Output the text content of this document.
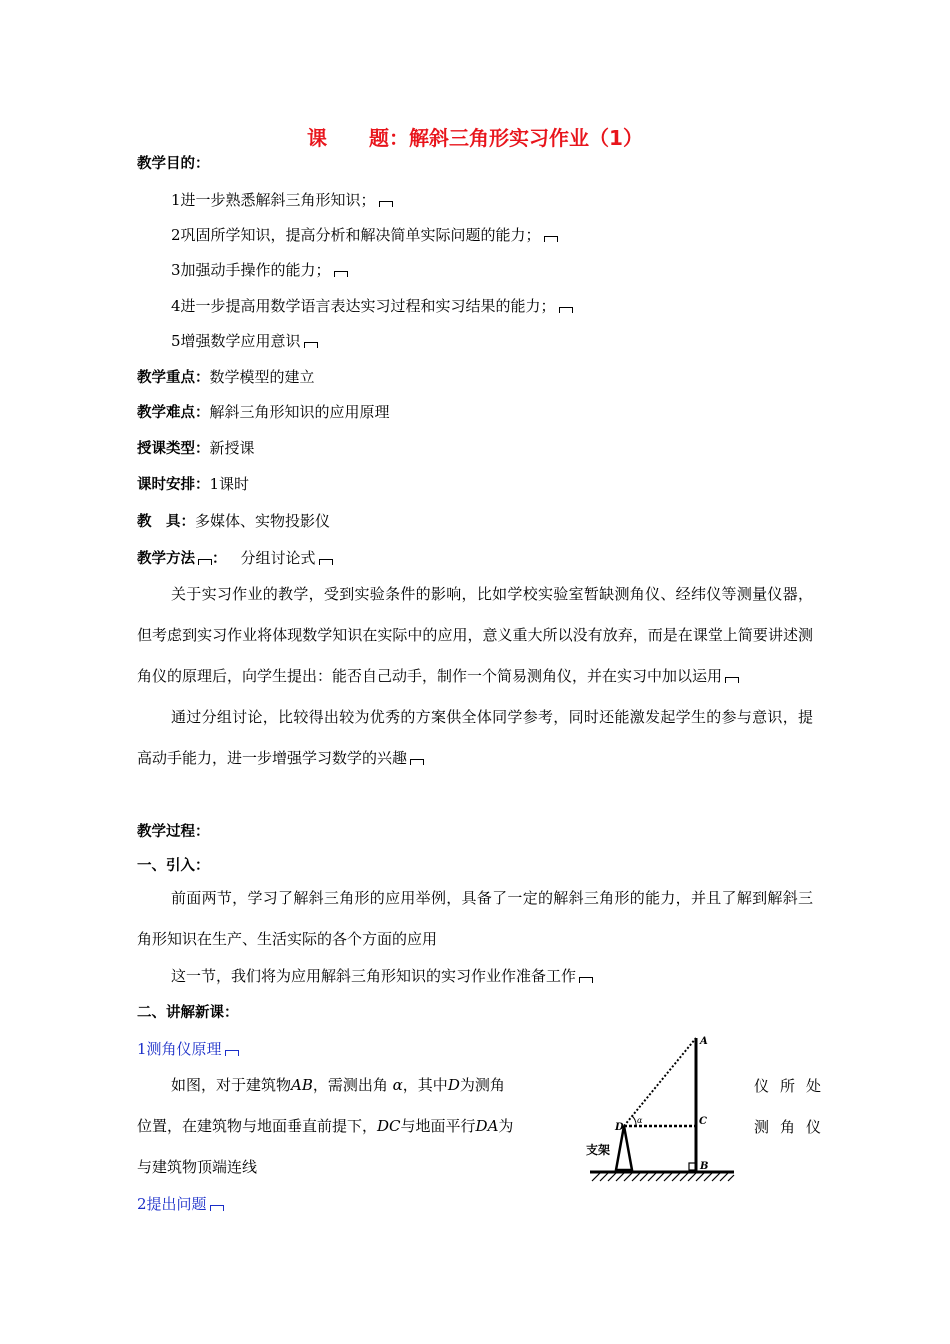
课 题：解斜三角形实习作业（1）
教学目的：
1进一步熟悉解斜三角形知识；
2巩固所学知识，提高分析和解决简单实际问题的能力；
3加强动手操作的能力；
4进一步提高用数学语言表达实习过程和实习结果的能力；
5增强数学应用意识
教学重点：数学模型的建立
教学难点：解斜三角形知识的应用原理
授课类型：新授课
课时安排：1课时
教　具：多媒体、实物投影仪
教学方法 ： 分组讨论式

关于实习作业的教学，受到实验条件的影响，比如学校实验室暂缺测角仪、经纬仪等测量仪器，但考虑到实习作业将体现数学知识在实际中的应用，意义重大所以没有放弃，而是在课堂上简要讲述测角仪的原理后，向学生提出：能否自己动手，制作一个简易测角仪，并在实习中加以运用

通过分组讨论，比较得出较为优秀的方案供全体同学参考，同时还能激发起学生的参与意识，提高动手能力，进一步增强学习数学的兴趣

教学过程：
一、引入：

前面两节，学习了解斜三角形的应用举例，具备了一定的解斜三角形的能力，并且了解到解斜三角形知识在生产、生活实际的各个方面的应用

这一节，我们将为应用解斜三角形知识的实习作业作准备工作
二、讲解新课：
1测角仪原理
如图，对于建筑物AB，需测出角 α，其中D为测角	仪所处
位置，在建筑物与地面垂直前提下，DC与地面平行DA为	测角仪
与建筑物顶端连线
2提出问题
A
B
C
D
α
支架
